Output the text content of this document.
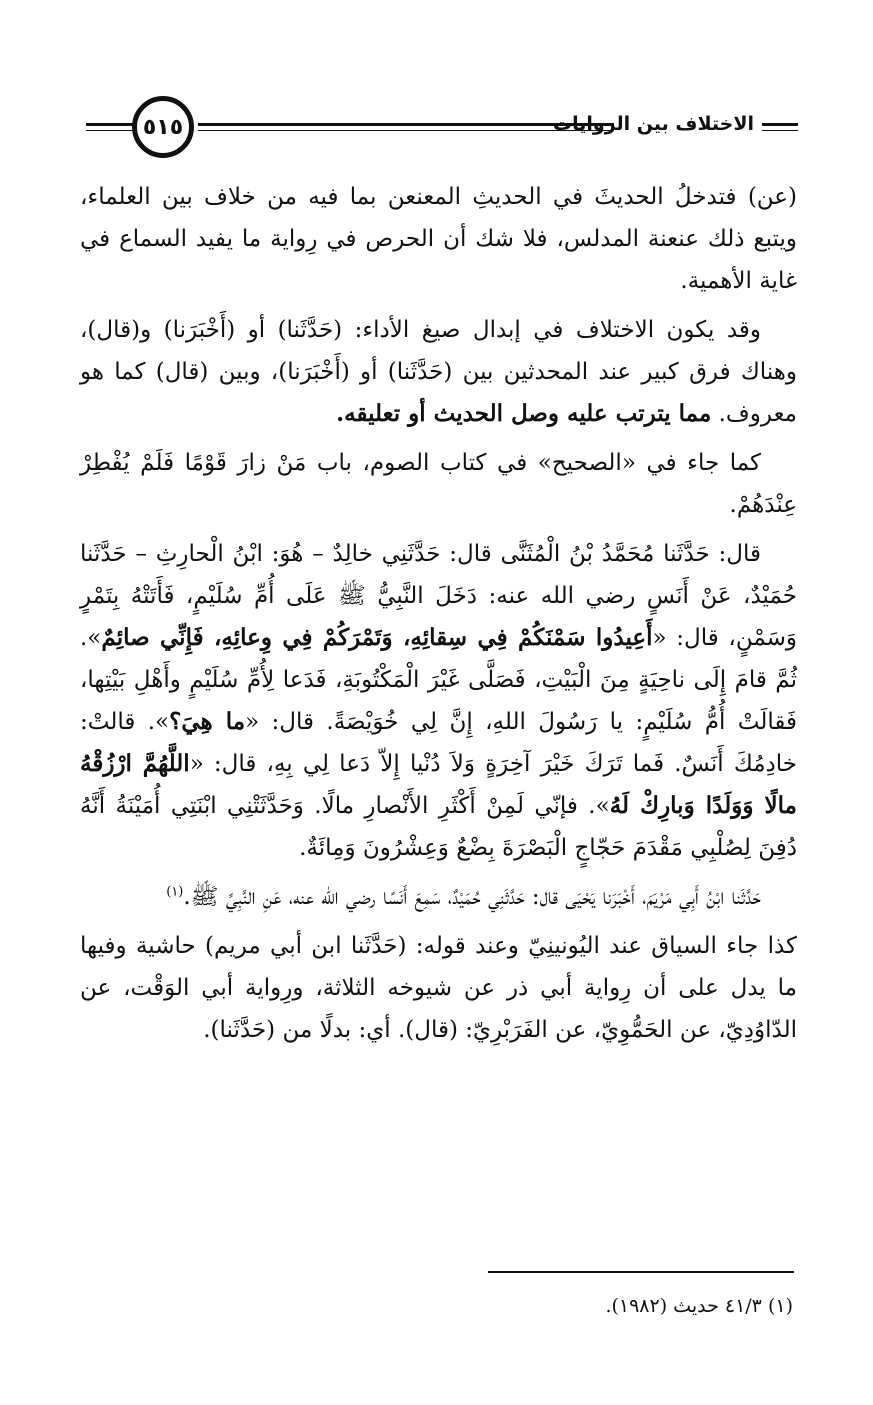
٥١٥	الاختلاف بين الروايات

(عن) فتدخلُ الحديثَ في الحديثِ المعنعن بما فيه من خلاف بين العلماء، ويتبع ذلك عنعنة المدلس، فلا شك أن الحرص في رِواية ما يفيد السماع في غاية الأهمية.

وقد يكون الاختلاف في إبدال صيغ الأداء: (حَدَّثَنا) أو (أَخْبَرَنا) و(قال)، وهناك فرق كبير عند المحدثين بين (حَدَّثَنا) أو (أَخْبَرَنا)، وبين (قال) كما هو معروف. مما يترتب عليه وصل الحديث أو تعليقه.

كما جاء في «الصحيح» في كتاب الصوم، باب مَنْ زارَ قَوْمًا فَلَمْ يُفْطِرْ عِنْدَهُمْ.

قال: حَدَّثَنا مُحَمَّدُ بْنُ الْمُثَنَّى قال: حَدَّثَنِي خالِدٌ – هُوَ: ابْنُ الْحارِثِ – حَدَّثَنا حُمَيْدٌ، عَنْ أَنَسٍ رضي الله عنه: دَخَلَ النَّبِيُّ ﷺ عَلَى أُمِّ سُلَيْمٍ، فَأَتَتْهُ بِتَمْرٍ وَسَمْنٍ، قال: «أَعِيدُوا سَمْنَكُمْ فِي سِقائِهِ، وَتَمْرَكُمْ فِي وِعائِهِ، فَإِنِّي صائِمٌ». ثُمَّ قامَ إِلَى ناحِيَةٍ مِنَ الْبَيْتِ، فَصَلَّى غَيْرَ الْمَكْتُوبَةِ، فَدَعا لِأُمِّ سُلَيْمٍ وأَهْلِ بَيْتِها، فَقالَتْ أُمُّ سُلَيْمٍ: يا رَسُولَ اللهِ، إِنَّ لِي خُوَيْصَةً. قال: «ما هِيَ؟». قالتْ: خادِمُكَ أَنَسٌ. فَما تَرَكَ خَيْرَ آخِرَةٍ وَلاَ دُنْيا إِلاّ دَعا لِي بِهِ، قال: «اللَّهُمَّ ارْزُقْهُ مالًا وَوَلَدًا وَبارِكْ لَهُ». فإنّي لَمِنْ أَكْثَرِ الأَنْصارِ مالًا. وَحَدَّثَتْنِي ابْنَتِي أُمَيْنَةُ أَنَّهُ دُفِنَ لِصُلْبِي مَقْدَمَ حَجّاجٍ الْبَصْرَةَ بِضْعٌ وَعِشْرُونَ وَمِائَةٌ.

حَدَّثَنا ابْنُ أَبِي مَرْيَمَ، أَخْبَرَنا يَحْيَى قال: حَدَّثَنِي حُمَيْدٌ، سَمِعَ أَنَسًا رضي الله عنه، عَنِ النَّبِيِّ ﷺ.$^{(١)}$

كذا جاء السياق عند اليُونينِيّ وعند قوله: (حَدَّثَنا ابن أبي مريم) حاشية وفيها ما يدل على أن رِواية أبي ذر عن شيوخه الثلاثة، ورِواية أبي الوَقْت، عن الدّاوُدِيّ، عن الحَمُّوِيّ، عن الفَرَبْرِيّ: (قال). أي: بدلًا من (حَدَّثَنا).

(١) ٤١/٣ حديث (١٩٨٢).
